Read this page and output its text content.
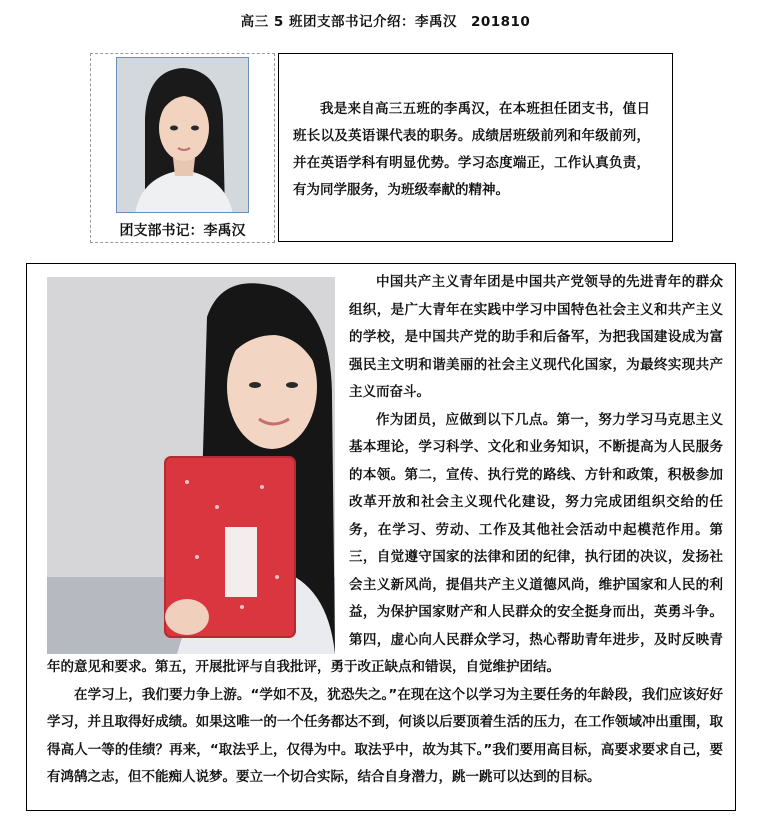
高三 5 班团支部书记介绍：李禹汉 201810
团支部书记：李禹汉

我是来自高三五班的李禹汉，在本班担任团支书，值日班长以及英语课代表的职务。成绩居班级前列和年级前列，并在英语学科有明显优势。学习态度端正，工作认真负责，有为同学服务，为班级奉献的精神。

中国共产主义青年团是中国共产党领导的先进青年的群众组织，是广大青年在实践中学习中国特色社会主义和共产主义的学校，是中国共产党的助手和后备军，为把我国建设成为富强民主文明和谐美丽的社会主义现代化国家，为最终实现共产主义而奋斗。

作为团员，应做到以下几点。第一，努力学习马克思主义基本理论，学习科学、文化和业务知识，不断提高为人民服务的本领。第二，宣传、执行党的路线、方针和政策，积极参加改革开放和社会主义现代化建设，努力完成团组织交给的任务，在学习、劳动、工作及其他社会活动中起模范作用。第三，自觉遵守国家的法律和团的纪律，执行团的决议，发扬社会主义新风尚，提倡共产主义道德风尚，维护国家和人民的利益，为保护国家财产和人民群众的安全挺身而出，英勇斗争。第四，虚心向人民群众学习，热心帮助青年进步，及时反映青年的意见和要求。第五，开展批评与自我批评，勇于改正缺点和错误，自觉维护团结。

在学习上，我们要力争上游。“学如不及，犹恐失之。”在现在这个以学习为主要任务的年龄段，我们应该好好学习，并且取得好成绩。如果这唯一的一个任务都达不到，何谈以后要顶着生活的压力，在工作领域冲出重围，取得高人一等的佳绩？再来，“取法乎上，仅得为中。取法乎中，故为其下。”我们要用高目标，高要求要求自己，要有鸿鹄之志，但不能痴人说梦。要立一个切合实际，结合自身潜力，跳一跳可以达到的目标。
